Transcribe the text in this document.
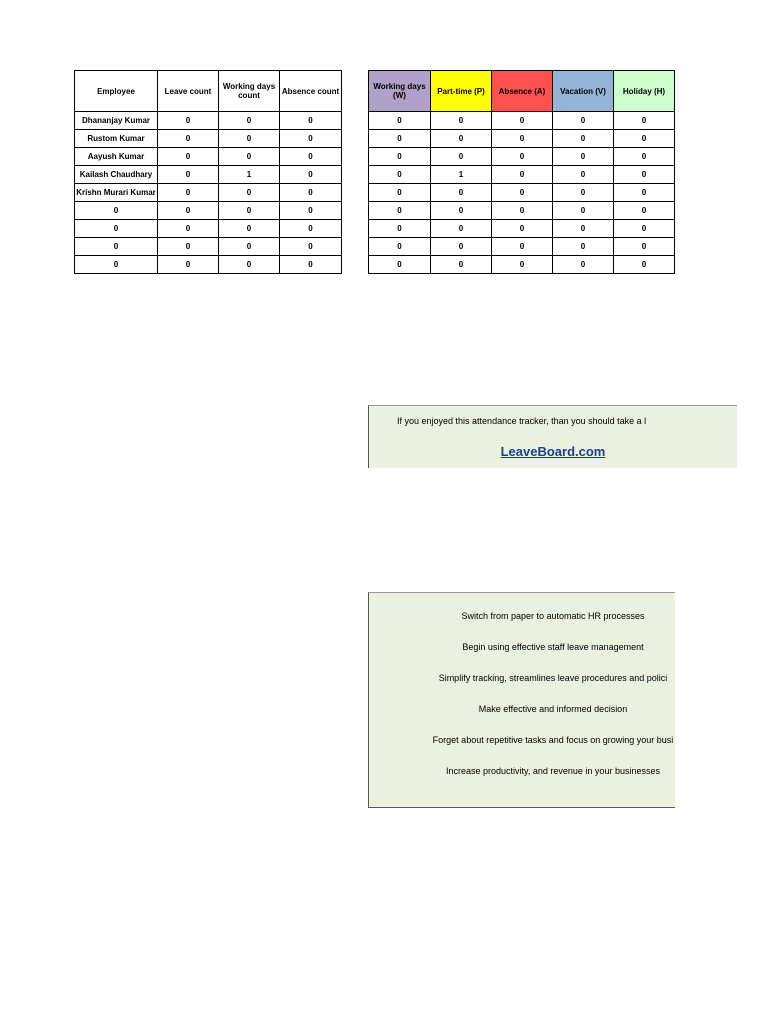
Employee	Leave count	Working days count	Absence count
Dhananjay Kumar	0	0	0
Rustom Kumar	0	0	0
Aayush Kumar	0	0	0
Kailash Chaudhary	0	1	0
Krishn Murari Kumar	0	0	0
0	0	0	0
0	0	0	0
0	0	0	0
0	0	0	0
Working days (W)	Part-time (P)	Absence (A)	Vacation (V)	Holiday (H)
0	0	0	0	0
0	0	0	0	0
0	0	0	0	0
0	1	0	0	0
0	0	0	0	0
0	0	0	0	0
0	0	0	0	0
0	0	0	0	0
0	0	0	0	0
If you enjoyed this attendance tracker, than you should take a l
LeaveBoard.com
Switch from paper to automatic HR processes
Begin using effective staff leave management
Simplify tracking, streamlines leave procedures and polici
Make effective and informed decision
Forget about repetitive tasks and focus on growing your busi
Increase productivity, and revenue in your businesses
